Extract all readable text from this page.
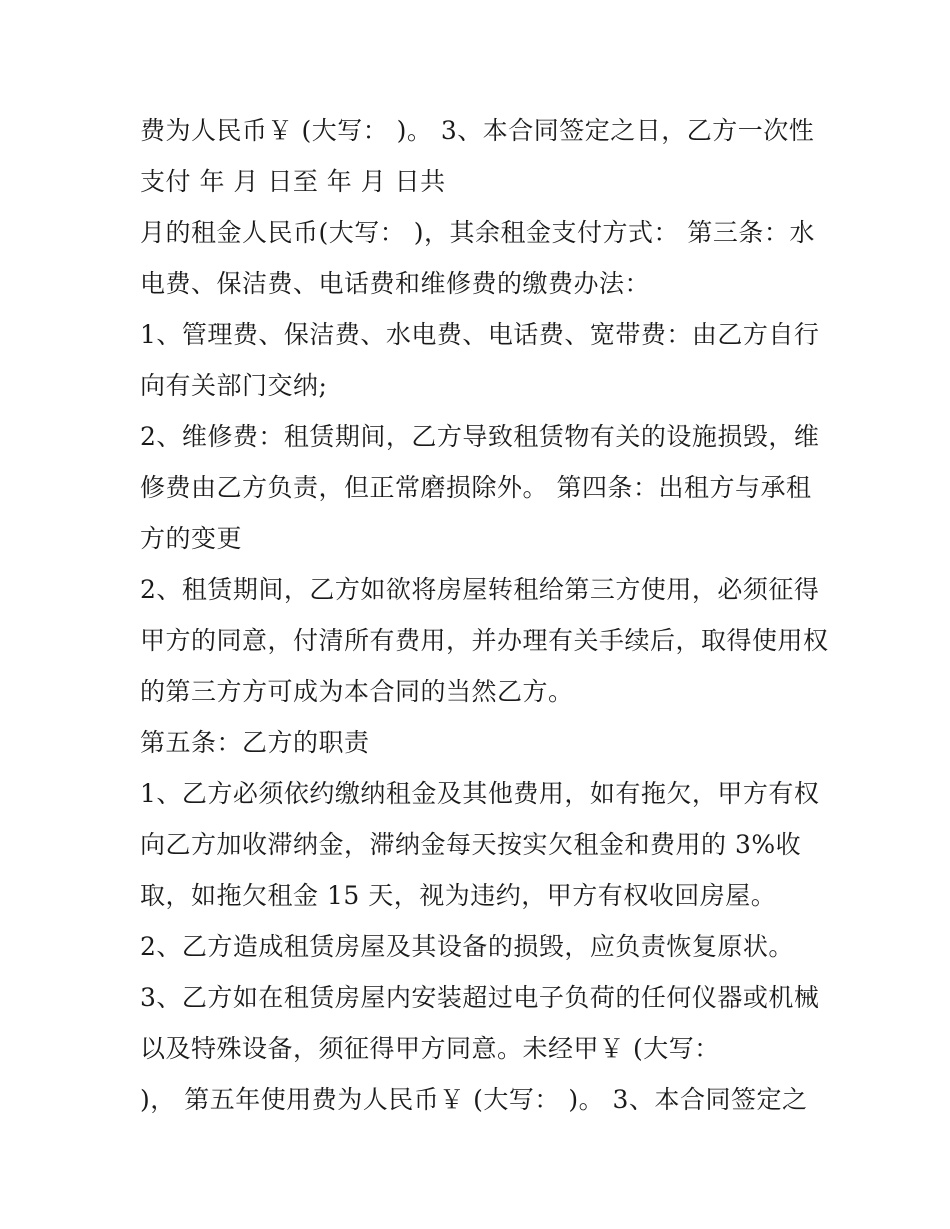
费为人民币￥ (大写： )。 3、本合同签定之日，乙方一次性
支付 年 月 日至 年 月 日共
月的租金人民币(大写： )，其余租金支付方式： 第三条：水
电费、保洁费、电话费和维修费的缴费办法：
1、管理费、保洁费、水电费、电话费、宽带费：由乙方自行
向有关部门交纳;
2、维修费：租赁期间，乙方导致租赁物有关的设施损毁，维
修费由乙方负责，但正常磨损除外。 第四条：出租方与承租
方的变更
2、租赁期间，乙方如欲将房屋转租给第三方使用，必须征得
甲方的同意，付清所有费用，并办理有关手续后，取得使用权
的第三方方可成为本合同的当然乙方。
第五条：乙方的职责
1、乙方必须依约缴纳租金及其他费用，如有拖欠，甲方有权
向乙方加收滞纳金，滞纳金每天按实欠租金和费用的 3%收
取，如拖欠租金 15 天，视为违约，甲方有权收回房屋。
2、乙方造成租赁房屋及其设备的损毁，应负责恢复原状。
3、乙方如在租赁房屋内安装超过电子负荷的任何仪器或机械
以及特殊设备，须征得甲方同意。未经甲￥ (大写：
)， 第五年使用费为人民币￥ (大写： )。 3、本合同签定之
